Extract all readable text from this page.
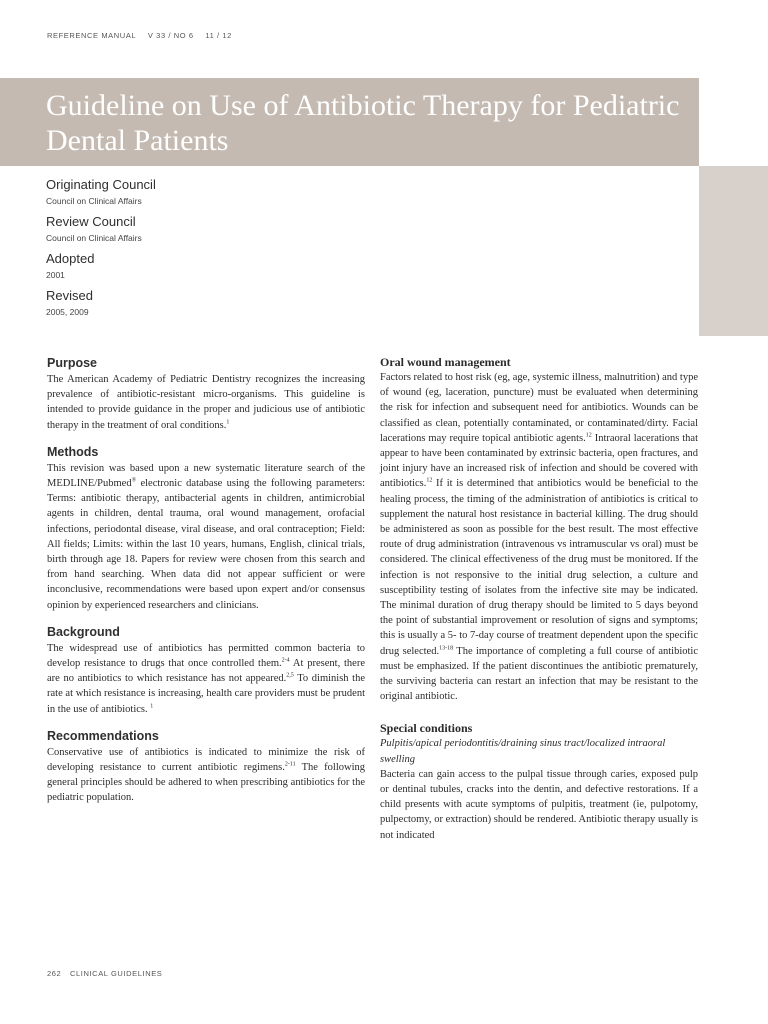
REFERENCE MANUAL V 33 / NO 6 11 / 12
Guideline on Use of Antibiotic Therapy for Pediatric Dental Patients
Originating Council
Council on Clinical Affairs
Review Council
Council on Clinical Affairs
Adopted
2001
Revised
2005, 2009
Purpose

The American Academy of Pediatric Dentistry recognizes the increasing prevalence of antibiotic-resistant micro-organisms. This guideline is intended to provide guidance in the proper and judicious use of antibiotic therapy in the treatment of oral conditions.$^1$

Methods

This revision was based upon a new systematic literature search of the MEDLINE/Pubmed® electronic database using the following parameters: Terms: antibiotic therapy, antibacterial agents in children, antimicrobial agents in children, dental trauma, oral wound management, orofacial infections, periodontal disease, viral disease, and oral contraception; Field: All fields; Limits: within the last 10 years, humans, English, clinical trials, birth through age 18. Papers for review were chosen from this search and from hand searching. When data did not appear sufficient or were inconclusive, recommendations were based upon expert and/or consensus opinion by experienced researchers and clinicians.

Background

The widespread use of antibiotics has permitted common bacteria to develop resistance to drugs that once controlled them.$^{2-4}$ At present, there are no antibiotics to which resistance has not appeared.$^{2,5}$ To diminish the rate at which resistance is increasing, health care providers must be prudent in the use of antibiotics. $^1$

Recommendations

Conservative use of antibiotics is indicated to minimize the risk of developing resistance to current antibiotic regimens.$^{2-11}$ The following general principles should be adhered to when prescribing antibiotics for the pediatric population.

Oral wound management

Factors related to host risk (eg, age, systemic illness, malnutrition) and type of wound (eg, laceration, puncture) must be evaluated when determining the risk for infection and subsequent need for antibiotics. Wounds can be classified as clean, potentially contaminated, or contaminated/dirty. Facial lacerations may require topical antibiotic agents.$^{12}$ Intraoral lacerations that appear to have been contaminated by extrinsic bacteria, open fractures, and joint injury have an increased risk of infection and should be covered with antibiotics.$^{12}$ If it is determined that antibiotics would be beneficial to the healing process, the timing of the administration of antibiotics is critical to supplement the natural host resistance in bacterial killing. The drug should be administered as soon as possible for the best result. The most effective route of drug administration (intravenous vs intramuscular vs oral) must be considered. The clinical effectiveness of the drug must be monitored. If the infection is not responsive to the initial drug selection, a culture and susceptibility testing of isolates from the infective site may be indicated. The minimal duration of drug therapy should be limited to 5 days beyond the point of substantial improvement or resolution of signs and symptoms; this is usually a 5- to 7-day course of treatment dependent upon the specific drug selected.$^{13-18}$ The importance of completing a full course of antibiotic must be emphasized. If the patient discontinues the antibiotic prematurely, the surviving bacteria can restart an infection that may be resistant to the original antibiotic.

Special conditions

Pulpitis/apical periodontitis/draining sinus tract/localized intraoral swelling

Bacteria can gain access to the pulpal tissue through caries, exposed pulp or dentinal tubules, cracks into the dentin, and defective restorations. If a child presents with acute symptoms of pulpitis, treatment (ie, pulpotomy, pulpectomy, or extraction) should be rendered. Antibiotic therapy usually is not indicated

262 CLINICAL GUIDELINES
